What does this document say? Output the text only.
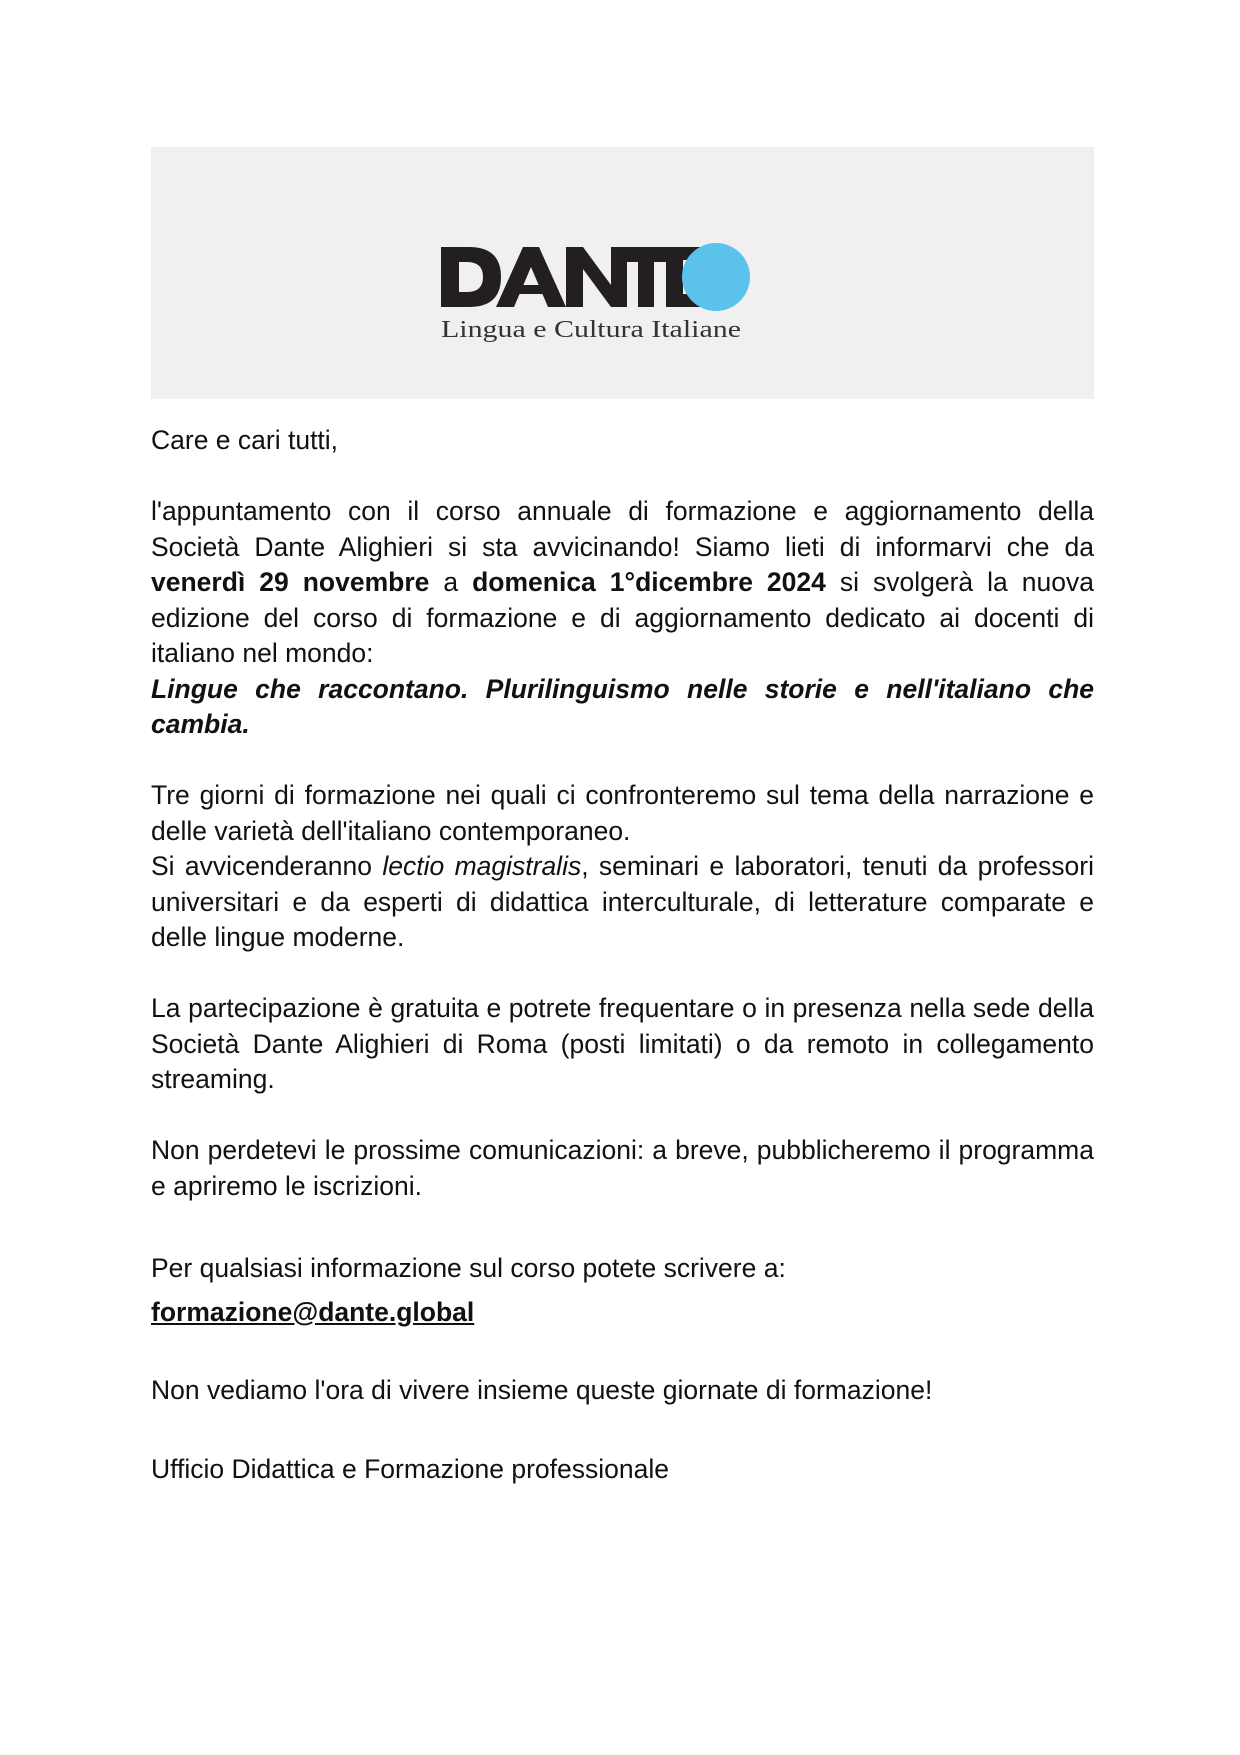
Lingua e Cultura Italiane

Care e cari tutti,

l'appuntamento con il corso annuale di formazione e aggiornamento della Società Dante Alighieri si sta avvicinando! Siamo lieti di informarvi che da venerdì 29 novembre a domenica 1°dicembre 2024 si svolgerà la nuova edizione del corso di formazione e di aggiornamento dedicato ai docenti di italiano nel mondo:

Lingue che raccontano. Plurilinguismo nelle storie e nell'italiano che cambia.

Tre giorni di formazione nei quali ci confronteremo sul tema della narrazione e delle varietà dell'italiano contemporaneo.

Si avvicenderanno lectio magistralis, seminari e laboratori, tenuti da professori universitari e da esperti di didattica interculturale, di letterature comparate e delle lingue moderne.

La partecipazione è gratuita e potrete frequentare o in presenza nella sede della Società Dante Alighieri di Roma (posti limitati) o da remoto in collegamento streaming.

Non perdetevi le prossime comunicazioni: a breve, pubblicheremo il programma e apriremo le iscrizioni.

Per qualsiasi informazione sul corso potete scrivere a:

formazione@dante.global

Non vediamo l'ora di vivere insieme queste giornate di formazione!

Ufficio Didattica e Formazione professionale
